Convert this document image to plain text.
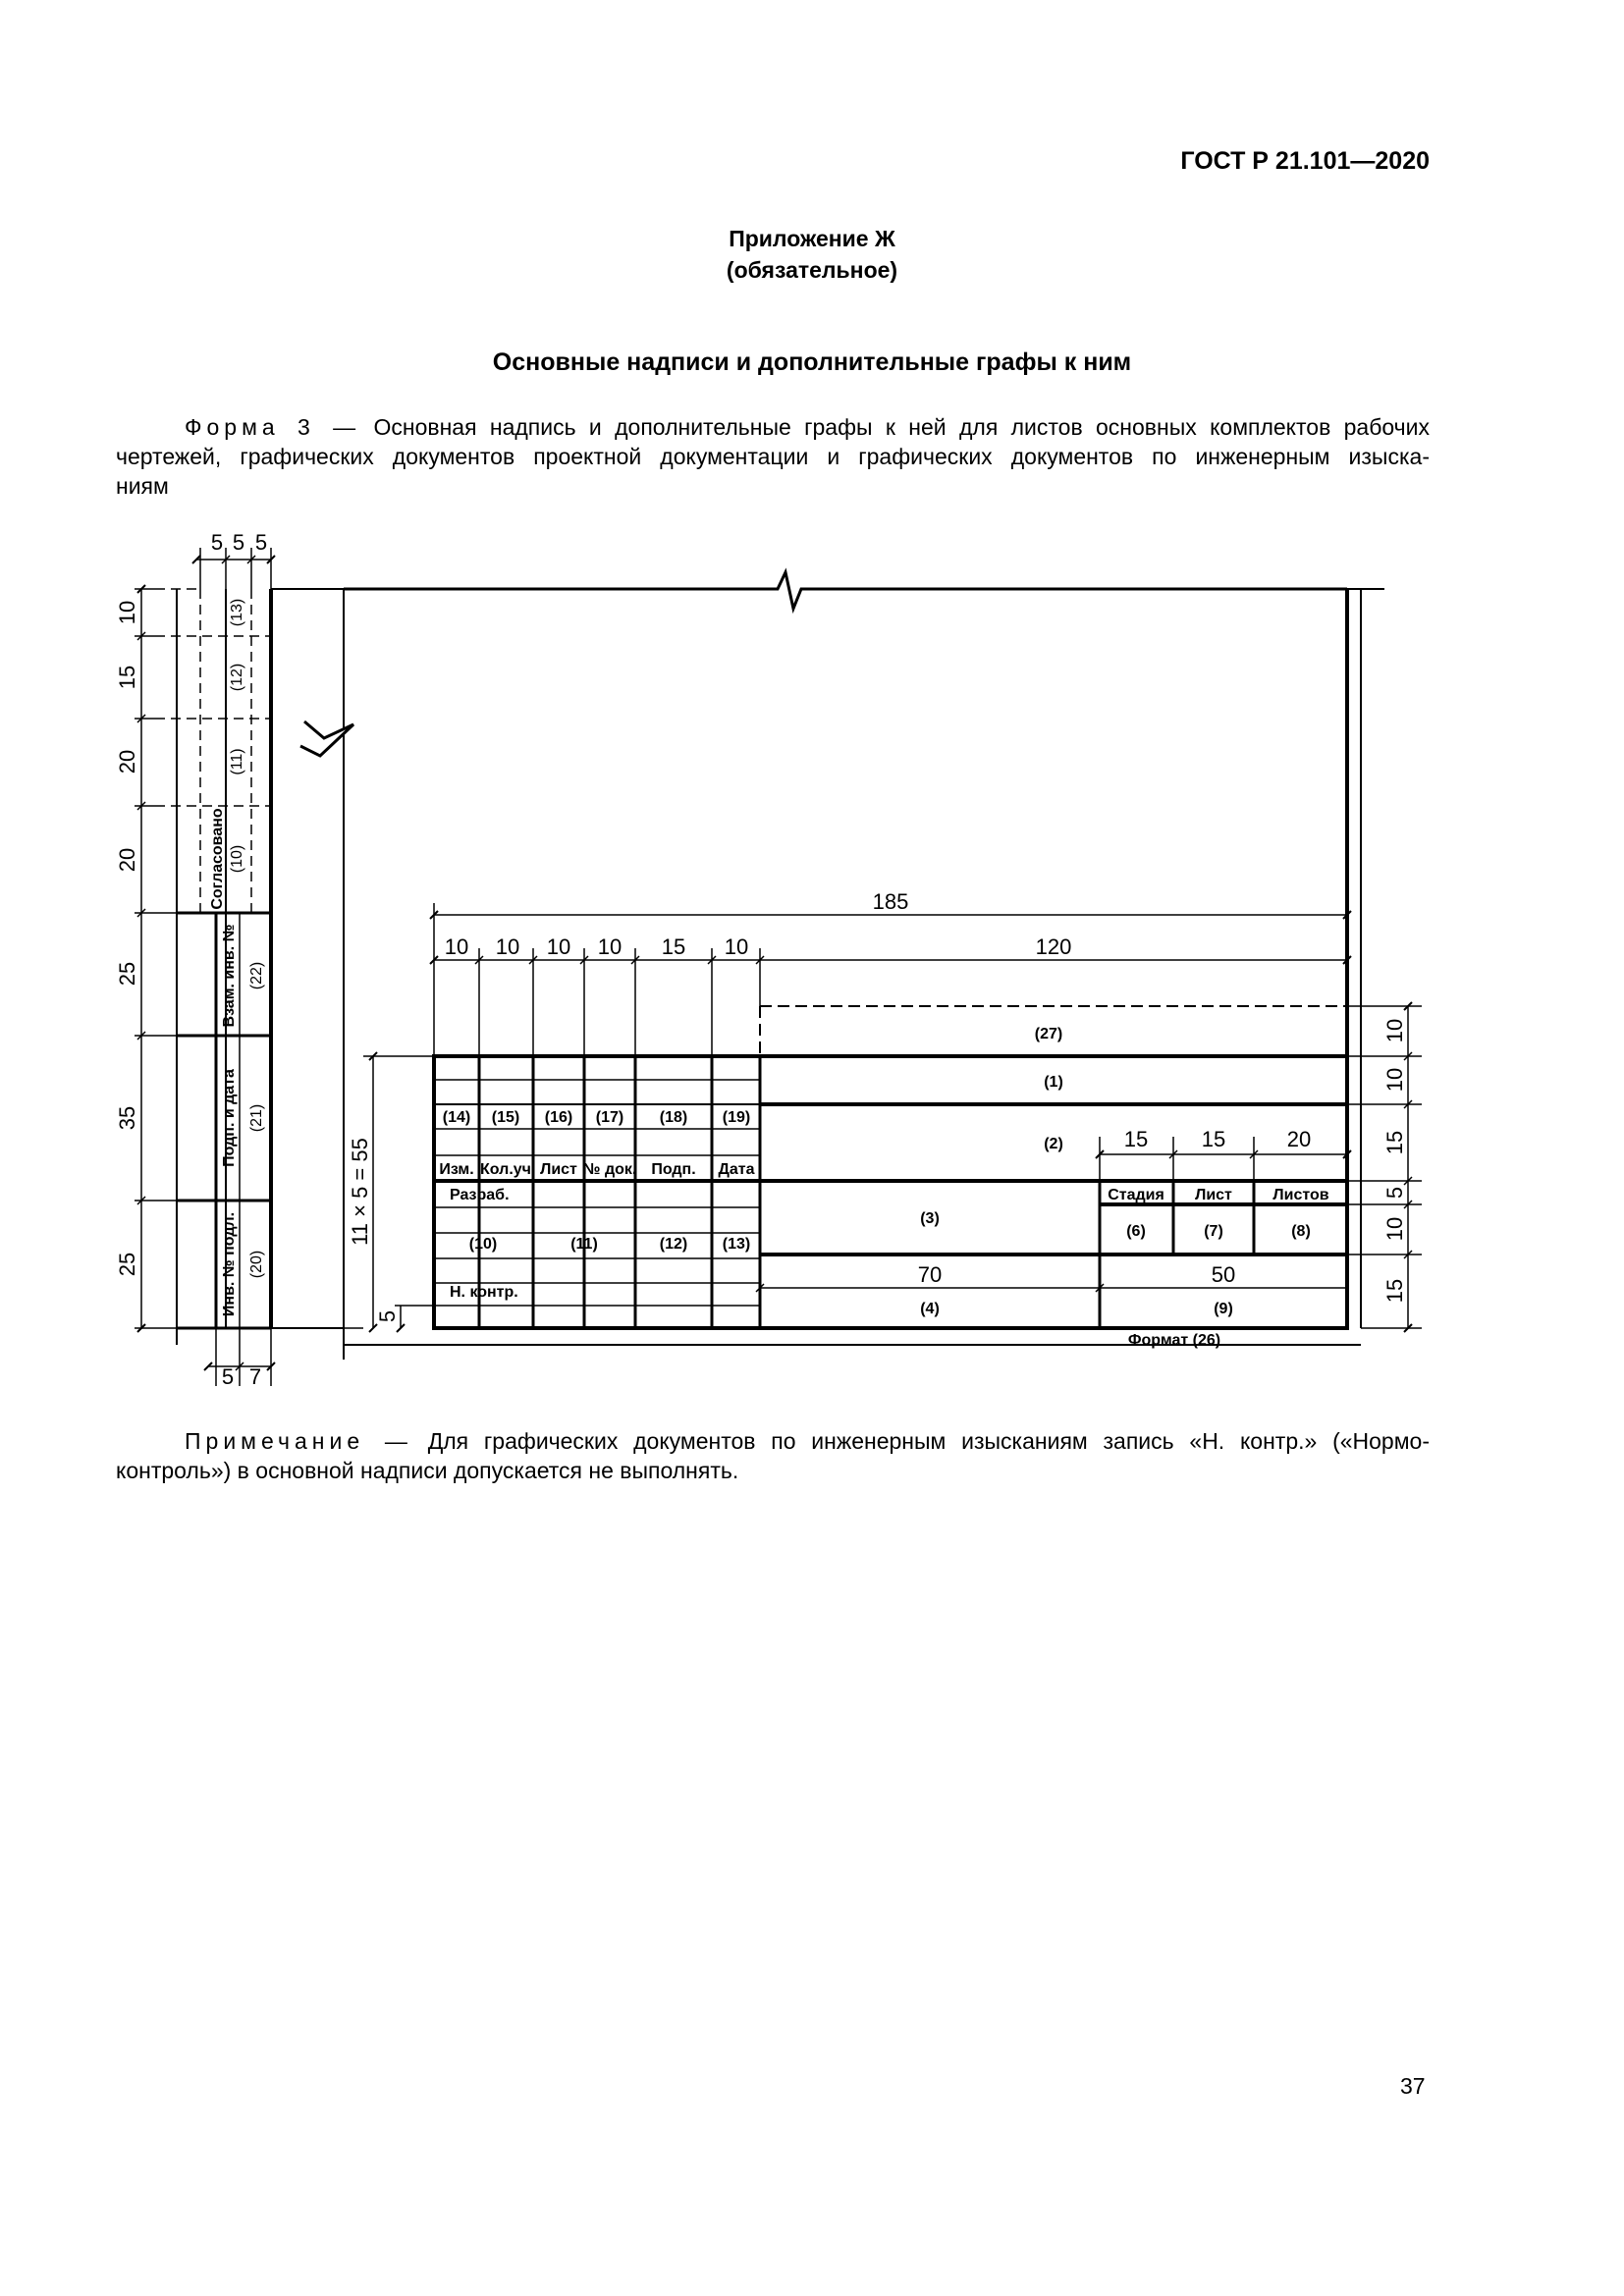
ГОСТ Р 21.101—2020
Приложение Ж
(обязательное)
Основные надписи и дополнительные графы к ним
Форма 3 — Основная надпись и дополнительные графы к ней для листов основных комплектов рабочих
чертежей, графических документов проектной документации и графических документов по инженерным изыска-
ниям
5 5 5
5 7
10
15
20
20
25
35
25
185
10 10 10 10 15 10	120
11 × 5 = 55
5
10
10
15
5
10
15
15 15	20
70	50
Согласовано
Взам. инв. №
Подп. и дата
Инв. № подл.
(13)
(12)
(11)
(10)
(22)
(21)
(20)
(14) (15) (16) (17) (18) (19)
Изм. Кол.уч Лист № док. Подп. Дата
Разраб.
Н. контр.
(10)	(11)	(12) (13)
(27)
(1)
(2)
(3)
(4)
(6)	(7)	(8)
(9)
Стадия Лист	Листов
Формат (26)
Примечание — Для графических документов по инженерным изысканиям запись «Н. контр.» («Нормо-
контроль») в основной надписи допускается не выполнять.
37
